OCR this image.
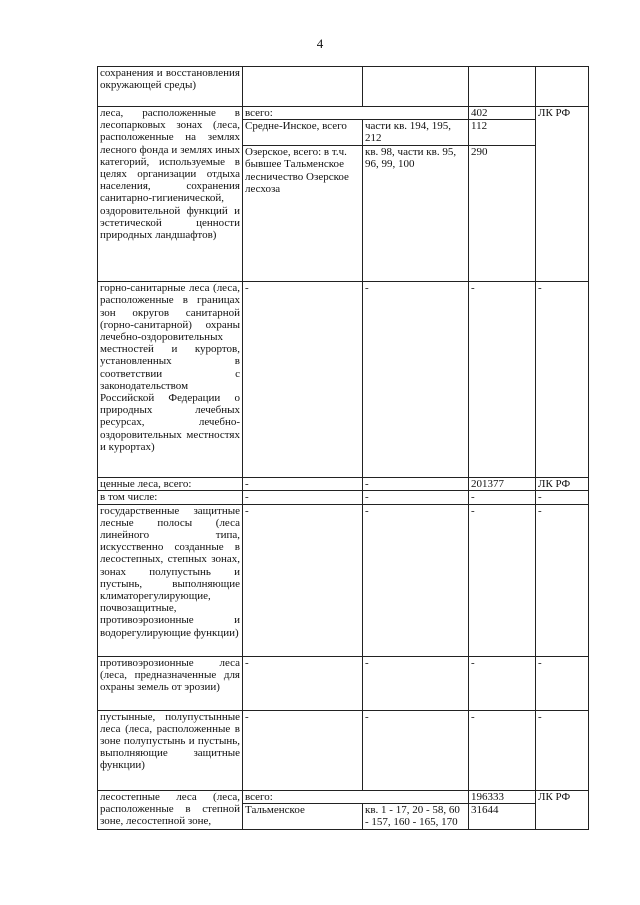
4
сохранения и восстановления окружающей среды)				
леса, расположенные в лесопарковых зонах (леса, расположенные на землях лесного фонда и землях иных категорий, используемые в целях организации отдыха населения, сохранения санитарно-гигиенической, оздоровительной функций и эстетической ценности природных ландшафтов)	всего:		402	ЛК РФ
	Средне-Инское, всего	части кв. 194, 195, 212	112	
	Озерское, всего: в т.ч. бывшее Тальменское лесничество Озерское лесхоза	кв. 98, части кв. 95, 96, 99, 100	290	
горно-санитарные леса (леса, расположенные в границах зон округов санитарной (горно-санитарной) охраны лечебно-оздоровительных местностей и курортов, установленных в соответствии с законодательством Российской Федерации о природных лечебных ресурсах, лечебно-оздоровительных местностях и курортах)	-	-	-	-
ценные леса, всего:	-	-	201377	ЛК РФ
в том числе:	-	-	-	-
государственные защитные лесные полосы (леса линейного типа, искусственно созданные в лесостепных, степных зонах, зонах полупустынь и пустынь, выполняющие климаторегулирующие, почвозащитные, противоэрозионные и водорегулирующие функции)	-	-	-	-
противоэрозионные леса (леса, предназначенные для охраны земель от эрозии)	-	-	-	-
пустынные, полупустынные леса (леса, расположенные в зоне полупустынь и пустынь, выполняющие защитные функции)	-	-	-	-
лесостепные леса (леса, расположенные в степной зоне, лесостепной зоне,	всего:		196333	ЛК РФ
	Тальменское	кв. 1 - 17, 20 - 58, 60 - 157, 160 - 165, 170	31644	
